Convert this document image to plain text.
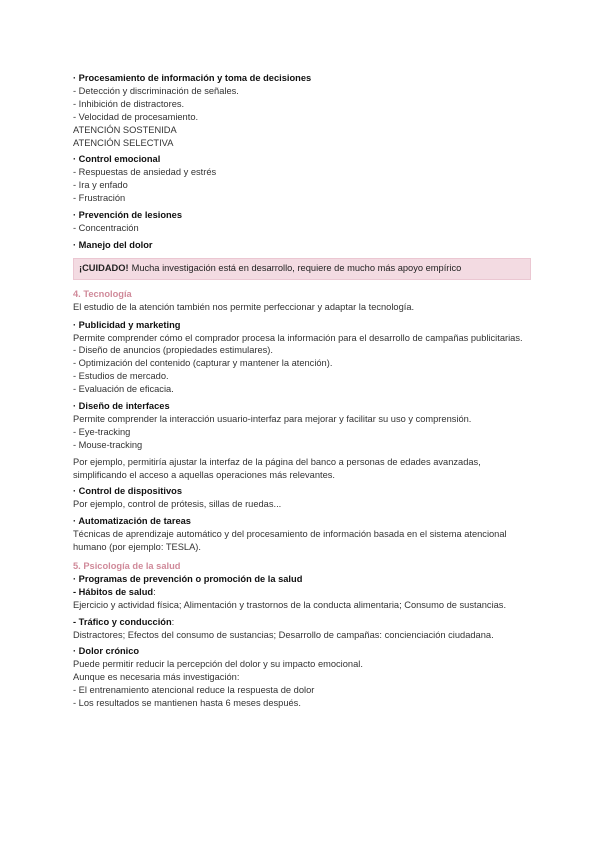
· Procesamiento de información y toma de decisiones
- Detección y discriminación de señales.
- Inhibición de distractores.
- Velocidad de procesamiento.
ATENCIÓN SOSTENIDA
ATENCIÓN SELECTIVA
· Control emocional
- Respuestas de ansiedad y estrés
- Ira y enfado
- Frustración
· Prevención de lesiones
- Concentración
· Manejo del dolor
¡CUIDADO! Mucha investigación está en desarrollo, requiere de mucho más apoyo empírico
4. Tecnología
El estudio de la atención también nos permite perfeccionar y adaptar la tecnología.
· Publicidad y marketing
Permite comprender cómo el comprador procesa la información para el desarrollo de campañas publicitarias.
- Diseño de anuncios (propiedades estimulares).
- Optimización del contenido (capturar y mantener la atención).
- Estudios de mercado.
- Evaluación de eficacia.
· Diseño de interfaces
Permite comprender la interacción usuario-interfaz para mejorar y facilitar su uso y comprensión.
- Eye-tracking
- Mouse-tracking
Por ejemplo, permitiría ajustar la interfaz de la página del banco a personas de edades avanzadas, simplificando el acceso a aquellas operaciones más relevantes.
· Control de dispositivos
Por ejemplo, control de prótesis, sillas de ruedas...
· Automatización de tareas
Técnicas de aprendizaje automático y del procesamiento de información basada en el sistema atencional humano (por ejemplo: TESLA).
5. Psicología de la salud
· Programas de prevención o promoción de la salud
- Hábitos de salud:
Ejercicio y actividad física; Alimentación y trastornos de la conducta alimentaria; Consumo de sustancias.
- Tráfico y conducción:
Distractores; Efectos del consumo de sustancias; Desarrollo de campañas: concienciación ciudadana.
· Dolor crónico
Puede permitir reducir la percepción del dolor y su impacto emocional.
Aunque es necesaria más investigación:
- El entrenamiento atencional reduce la respuesta de dolor
- Los resultados se mantienen hasta 6 meses después.
